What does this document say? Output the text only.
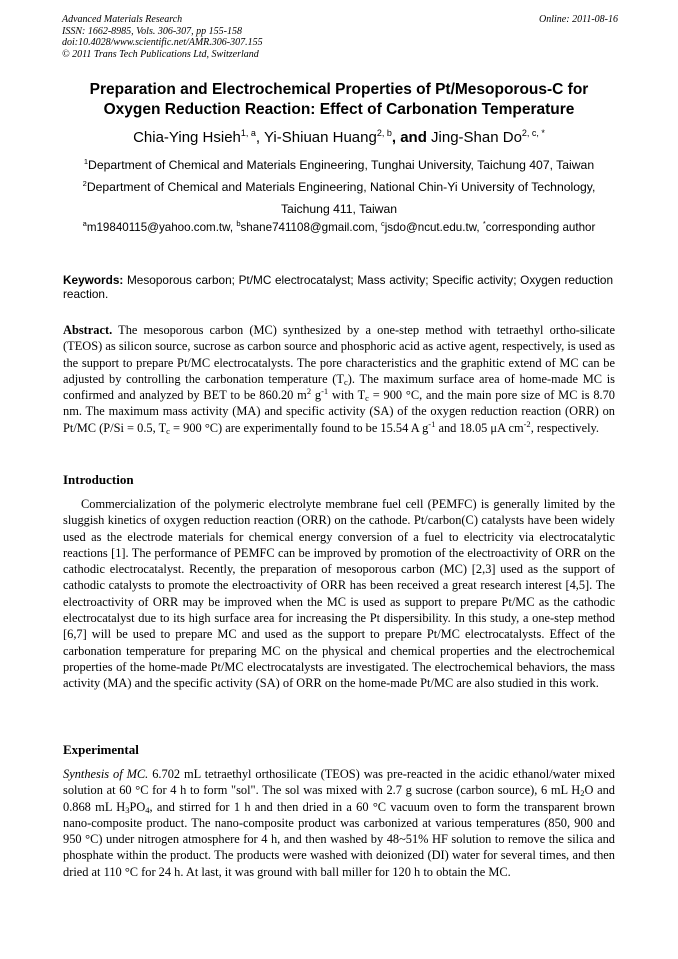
Advanced Materials Research
ISSN: 1662-8985, Vols. 306-307, pp 155-158
doi:10.4028/www.scientific.net/AMR.306-307.155
© 2011 Trans Tech Publications Ltd, Switzerland
Online: 2011-08-16
Preparation and Electrochemical Properties of Pt/Mesoporous-C for
Oxygen Reduction Reaction: Effect of Carbonation Temperature
Chia-Ying Hsieh$^{1, a}$, Yi-Shiuan Huang$^{2, b}$, and Jing-Shan $Do^{2, c, *}$
$^1$Department of Chemical and Materials Engineering, Tunghai University, Taichung 407, Taiwan
$^2$Department of Chemical and Materials Engineering, National Chin-Yi University of Technology,
Taichung 411, Taiwan
$^a$m19840115@yahoo.com.tw, $^b$shane741108@gmail.com, $^c$jsdo@ncut.edu.tw, *corresponding author
Keywords: Mesoporous carbon; Pt/MC electrocatalyst; Mass activity; Specific activity; Oxygen reduction reaction.
Abstract. The mesoporous carbon (MC) synthesized by a one-step method with tetraethyl ortho-silicate (TEOS) as silicon source, sucrose as carbon source and phosphoric acid as active agent, respectively, is used as the support to prepare Pt/MC electrocatalysts. The pore characteristics and the graphitic extend of MC can be adjusted by controlling the carbonation temperature $(T_c)$. The maximum surface area of home-made MC is confirmed and analyzed by BET to be 860.20 $m^2$ $g^{-1}$ with $T_c = 900$ °C, and the main pore size of MC is 8.70 nm. The maximum mass activity (MA) and specific activity (SA) of the oxygen reduction reaction (ORR) on Pt/MC (P/Si = 0.5, $T_c = 900$ °C) are experimentally found to be 15.54 A $g^{-1}$ and 18.05 μA $cm^{-2}$, respectively.
Introduction
Commercialization of the polymeric electrolyte membrane fuel cell (PEMFC) is generally limited by the sluggish kinetics of oxygen reduction reaction (ORR) on the cathode. Pt/carbon(C) catalysts have been widely used as the electrode materials for chemical energy conversion of a fuel to electricity via electrocatalytic reactions [1]. The performance of PEMFC can be improved by promotion of the electroactivity of ORR on the cathodic electrocatalyst. Recently, the preparation of mesoporous carbon (MC) [2,3] used as the support of cathodic catalysts to promote the electroactivity of ORR has been received a great research interest [4,5]. The electroactivity of ORR may be improved when the MC is used as support to prepare Pt/MC as the cathodic electrocatalyst due to its high surface area for increasing the Pt dispersibility. In this study, a one-step method [6,7] will be used to prepare MC and used as the support to prepare Pt/MC electrocatalysts. Effect of the carbonation temperature for preparing MC on the physical and chemical properties and the electrochemical properties of the home-made Pt/MC electrocatalysts are investigated. The electrochemical behaviors, the mass activity (MA) and the specific activity (SA) of ORR on the home-made Pt/MC are also studied in this work.
Experimental
Synthesis of MC. 6.702 mL tetraethyl orthosilicate (TEOS) was pre-reacted in the acidic ethanol/water mixed solution at 60 °C for 4 h to form "sol". The sol was mixed with 2.7 g sucrose (carbon source), 6 mL $H_2O$ and 0.868 mL $H_3PO_4$, and stirred for 1 h and then dried in a 60 °C vacuum oven to form the transparent brown nano-composite product. The nano-composite product was carbonized at various temperatures (850, 900 and 950 °C) under nitrogen atmosphere for 4 h, and then washed by 48~51% HF solution to remove the silica and phosphate within the product. The products were washed with deionized (DI) water for several times, and then dried at 110 °C for 24 h. At last, it was ground with ball miller for 120 h to obtain the MC.
